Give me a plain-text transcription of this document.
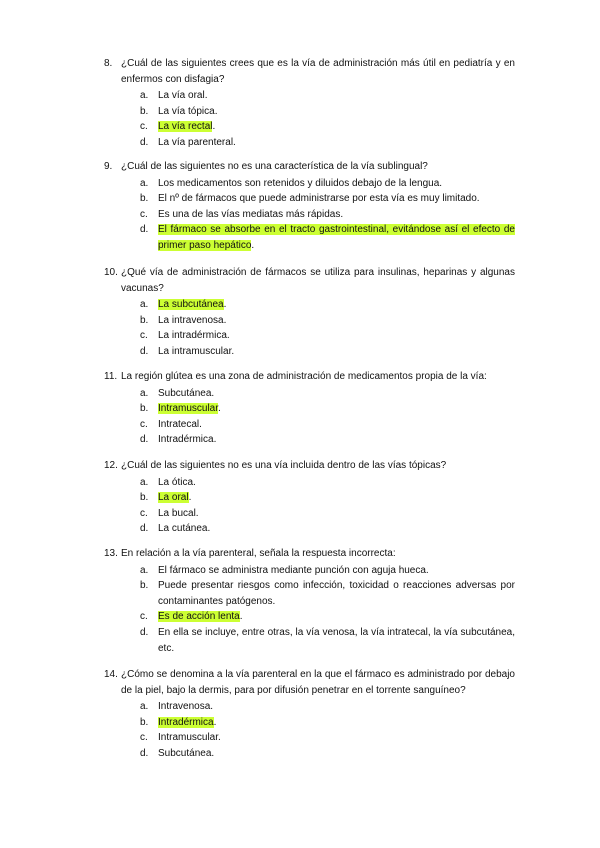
8. ¿Cuál de las siguientes crees que es la vía de administración más útil en pediatría y en enfermos con disfagia?
a. La vía oral.
b. La vía tópica.
c.	La vía rectal.
d. La vía parenteral.
9. ¿Cuál de las siguientes no es una característica de la vía sublingual?
a. Los medicamentos son retenidos y diluidos debajo de la lengua.
b. El nº de fármacos que puede administrarse por esta vía es muy limitado.
c.	Es una de las vías mediatas más rápidas.
d. El fármaco se absorbe en el tracto gastrointestinal, evitándose así el efecto de primer paso hepático.
10. ¿Qué vía de administración de fármacos se utiliza para insulinas, heparinas y algunas vacunas?
a. La subcutánea.
b. La intravenosa.
c.	La intradérmica.
d. La intramuscular.
11. La región glútea es una zona de administración de medicamentos propia de la vía:
a. Subcutánea.
b. Intramuscular.
c.	Intratecal.
d. Intradérmica.
12. ¿Cuál de las siguientes no es una vía incluida dentro de las vías tópicas?
a. La ótica.
b. La oral.
c.	La bucal.
d. La cutánea.
13. En relación a la vía parenteral, señala la respuesta incorrecta:
a. El fármaco se administra mediante punción con aguja hueca.
b. Puede presentar riesgos como infección, toxicidad o reacciones adversas por contaminantes patógenos.
c.	Es de acción lenta.
d. En ella se incluye, entre otras, la vía venosa, la vía intratecal, la vía subcutánea, etc.
14. ¿Cómo se denomina a la vía parenteral en la que el fármaco es administrado por debajo de la piel, bajo la dermis, para por difusión penetrar en el torrente sanguíneo?
a. Intravenosa.
b. Intradérmica.
c.	Intramuscular.
d. Subcutánea.
